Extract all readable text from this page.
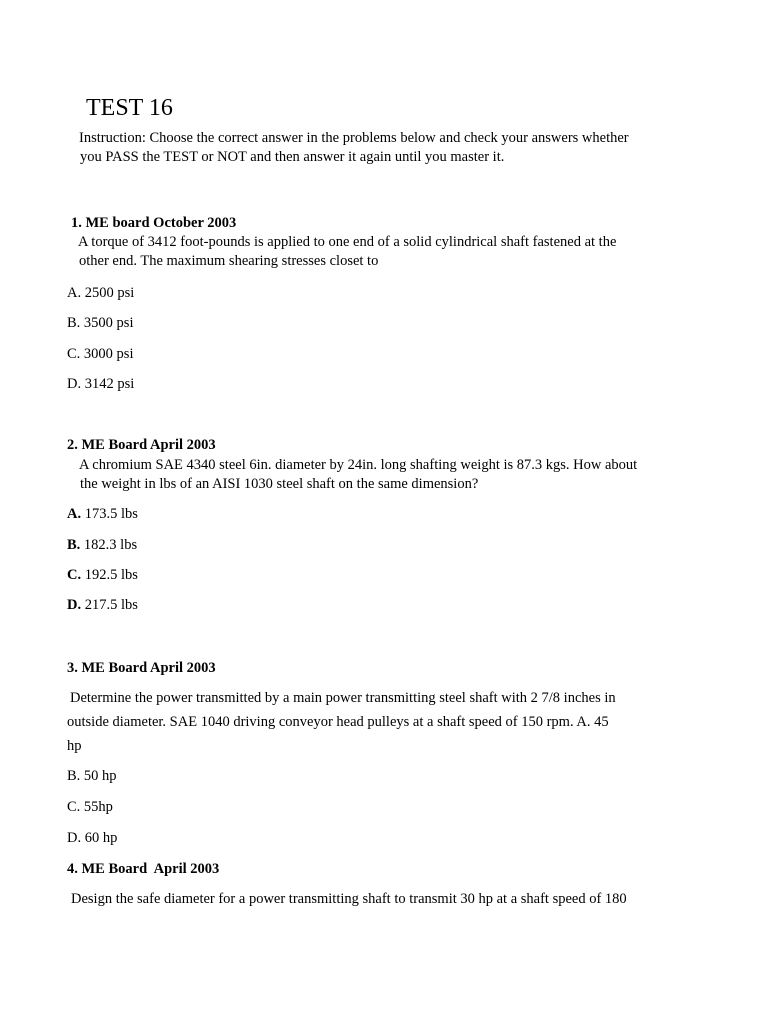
TEST 16
Instruction: Choose the correct answer in the problems below and check your answers whether
you PASS the TEST or NOT and then answer it again until you master it.
1. ME board October 2003
A torque of 3412 foot-pounds is applied to one end of a solid cylindrical shaft fastened at the
other end. The maximum shearing stresses closet to
A. 2500 psi
B. 3500 psi
C. 3000 psi
D. 3142 psi
2. ME Board April 2003
A chromium SAE 4340 steel 6in. diameter by 24in. long shafting weight is 87.3 kgs. How about
the weight in lbs of an AISI 1030 steel shaft on the same dimension?
A. 173.5 lbs
B. 182.3 lbs
C. 192.5 lbs
D. 217.5 lbs
3. ME Board April 2003
Determine the power transmitted by a main power transmitting steel shaft with 2 7/8 inches in
outside diameter. SAE 1040 driving conveyor head pulleys at a shaft speed of 150 rpm. A. 45
hp
B. 50 hp
C. 55hp
D. 60 hp
4. ME Board  April 2003
Design the safe diameter for a power transmitting shaft to transmit 30 hp at a shaft speed of 180
